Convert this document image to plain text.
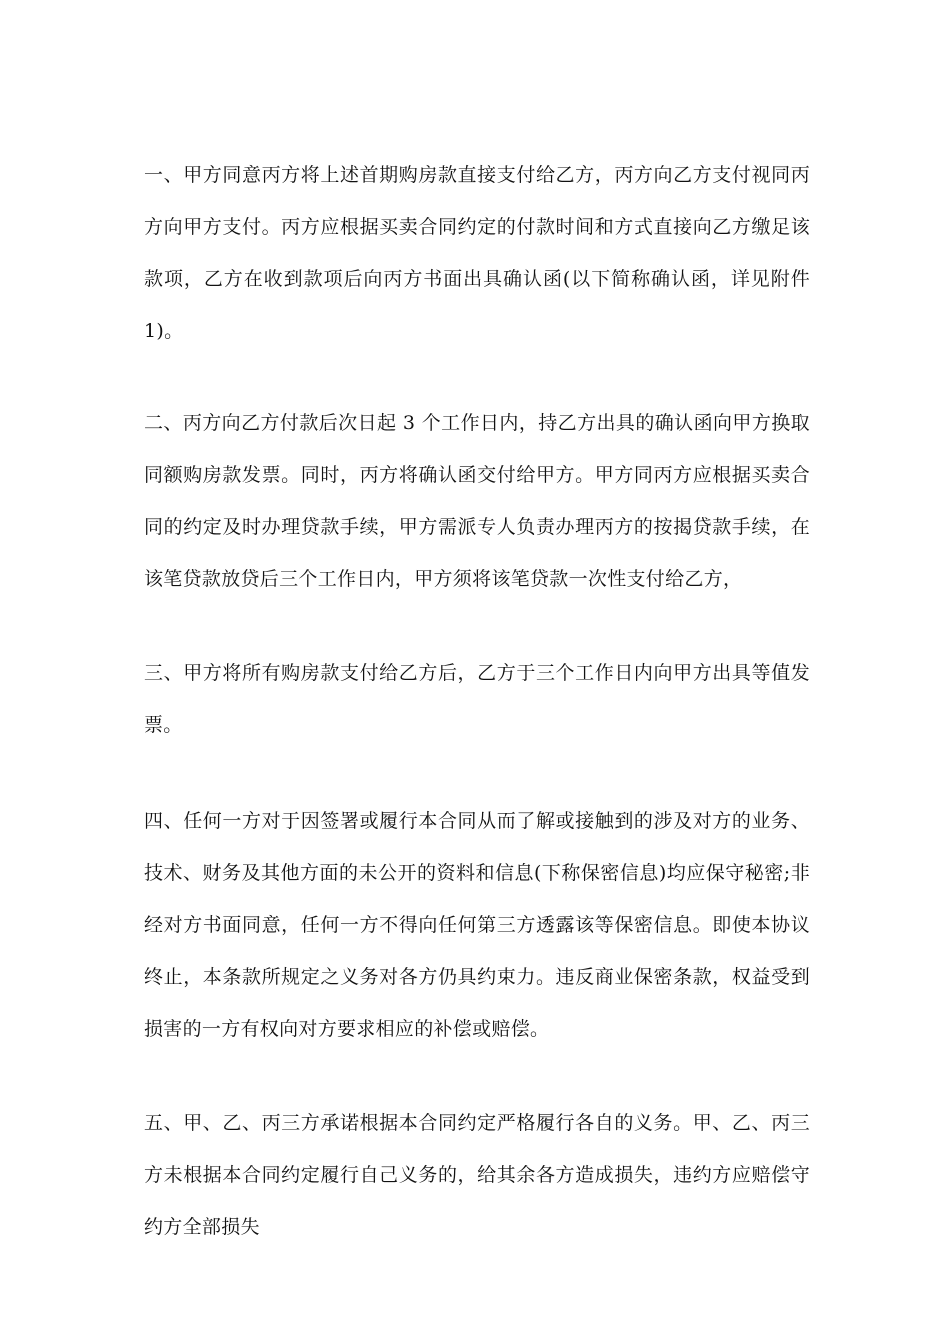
一、甲方同意丙方将上述首期购房款直接支付给乙方，丙方向乙方支付视同丙
方向甲方支付。丙方应根据买卖合同约定的付款时间和方式直接向乙方缴足该
款项，乙方在收到款项后向丙方书面出具确认函(以下简称确认函，详见附件
1)。
二、丙方向乙方付款后次日起 3 个工作日内，持乙方出具的确认函向甲方换取
同额购房款发票。同时，丙方将确认函交付给甲方。甲方同丙方应根据买卖合
同的约定及时办理贷款手续，甲方需派专人负责办理丙方的按揭贷款手续，在
该笔贷款放贷后三个工作日内，甲方须将该笔贷款一次性支付给乙方，
三、甲方将所有购房款支付给乙方后，乙方于三个工作日内向甲方出具等值发
票。
四、任何一方对于因签署或履行本合同从而了解或接触到的涉及对方的业务、
技术、财务及其他方面的未公开的资料和信息(下称保密信息)均应保守秘密;非
经对方书面同意，任何一方不得向任何第三方透露该等保密信息。即使本协议
终止，本条款所规定之义务对各方仍具约束力。违反商业保密条款，权益受到
损害的一方有权向对方要求相应的补偿或赔偿。
五、甲、乙、丙三方承诺根据本合同约定严格履行各自的义务。甲、乙、丙三
方未根据本合同约定履行自己义务的，给其余各方造成损失，违约方应赔偿守
约方全部损失
